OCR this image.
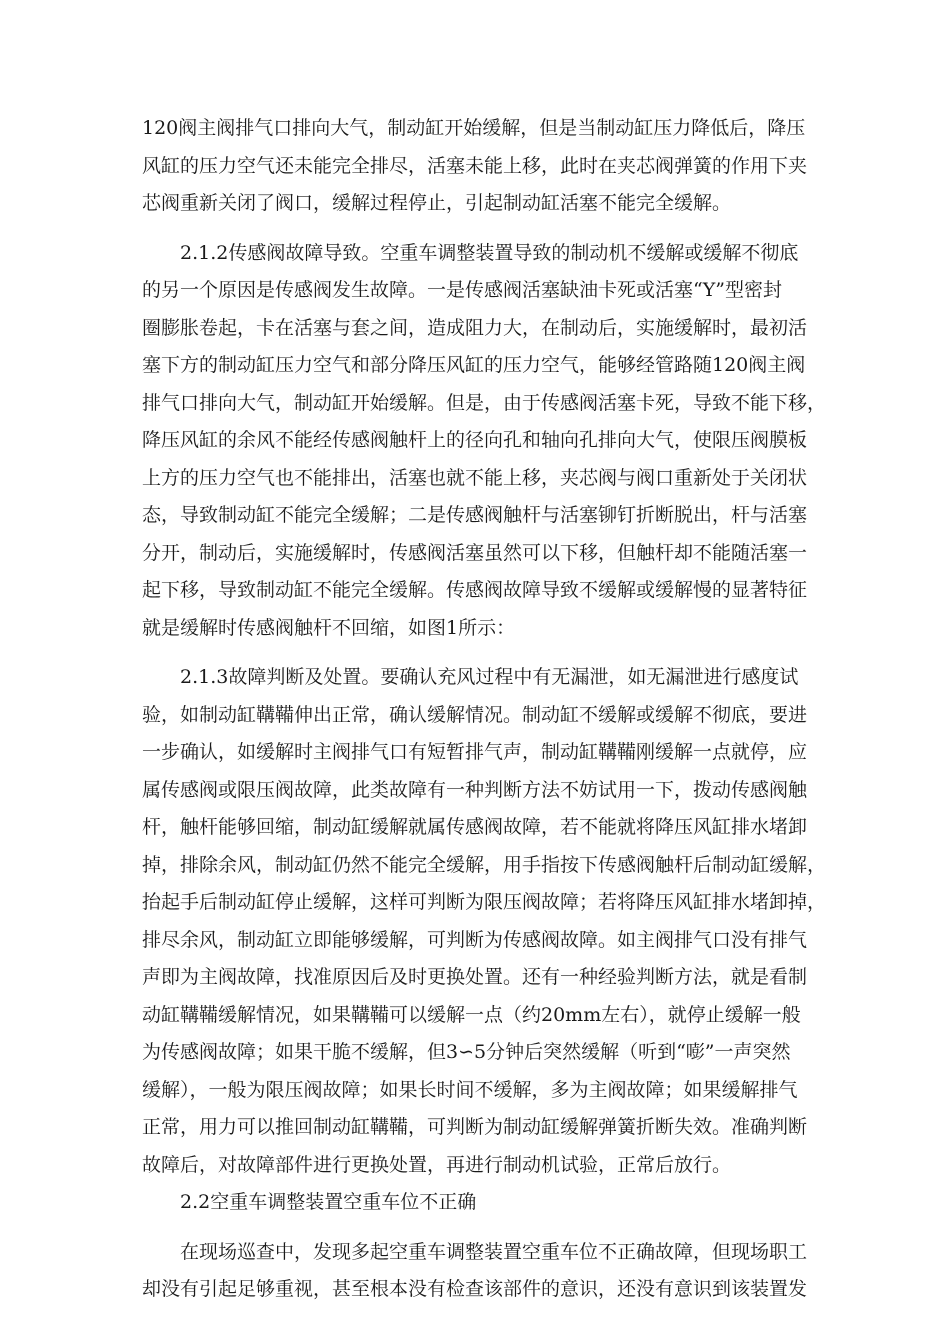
120阀主阀排气口排向大气，制动缸开始缓解，但是当制动缸压力降低后，降压
风缸的压力空气还未能完全排尽，活塞未能上移，此时在夹芯阀弹簧的作用下夹
芯阀重新关闭了阀口，缓解过程停止，引起制动缸活塞不能完全缓解。

2.1.2传感阀故障导致。空重车调整装置导致的制动机不缓解或缓解不彻底
的另一个原因是传感阀发生故障。一是传感阀活塞缺油卡死或活塞“Y”型密封
圈膨胀卷起，卡在活塞与套之间，造成阻力大，在制动后，实施缓解时，最初活
塞下方的制动缸压力空气和部分降压风缸的压力空气，能够经管路随120阀主阀
排气口排向大气，制动缸开始缓解。但是，由于传感阀活塞卡死，导致不能下移，
降压风缸的余风不能经传感阀触杆上的径向孔和轴向孔排向大气，使限压阀膜板
上方的压力空气也不能排出，活塞也就不能上移，夹芯阀与阀口重新处于关闭状
态，导致制动缸不能完全缓解；二是传感阀触杆与活塞铆钉折断脱出，杆与活塞
分开，制动后，实施缓解时，传感阀活塞虽然可以下移，但触杆却不能随活塞一
起下移，导致制动缸不能完全缓解。传感阀故障导致不缓解或缓解慢的显著特征
就是缓解时传感阀触杆不回缩，如图1所示：

2.1.3故障判断及处置。要确认充风过程中有无漏泄，如无漏泄进行感度试
验，如制动缸鞲鞴伸出正常，确认缓解情况。制动缸不缓解或缓解不彻底，要进
一步确认，如缓解时主阀排气口有短暂排气声，制动缸鞲鞴刚缓解一点就停，应
属传感阀或限压阀故障，此类故障有一种判断方法不妨试用一下，拨动传感阀触
杆，触杆能够回缩，制动缸缓解就属传感阀故障，若不能就将降压风缸排水堵卸
掉，排除余风，制动缸仍然不能完全缓解，用手指按下传感阀触杆后制动缸缓解，
抬起手后制动缸停止缓解，这样可判断为限压阀故障；若将降压风缸排水堵卸掉，
排尽余风，制动缸立即能够缓解，可判断为传感阀故障。如主阀排气口没有排气
声即为主阀故障，找准原因后及时更换处置。还有一种经验判断方法，就是看制
动缸鞲鞴缓解情况，如果鞲鞴可以缓解一点（约20mm左右），就停止缓解一般
为传感阀故障；如果干脆不缓解，但3∽5分钟后突然缓解（听到“嘭”一声突然
缓解），一般为限压阀故障；如果长时间不缓解，多为主阀故障；如果缓解排气
正常，用力可以推回制动缸鞲鞴，可判断为制动缸缓解弹簧折断失效。准确判断
故障后，对故障部件进行更换处置，再进行制动机试验，正常后放行。

2.2空重车调整装置空重车位不正确

在现场巡查中，发现多起空重车调整装置空重车位不正确故障，但现场职工
却没有引起足够重视，甚至根本没有检查该部件的意识，还没有意识到该装置发
